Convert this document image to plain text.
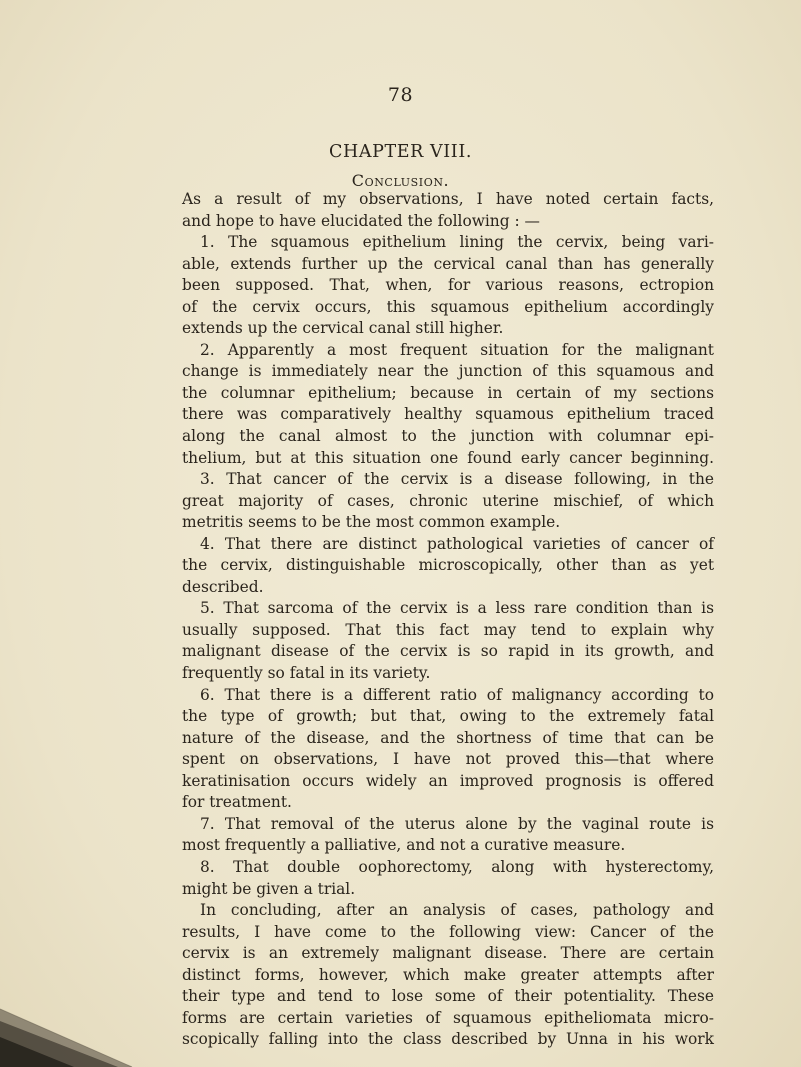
78
CHAPTER VIII.
Conclusion.
As a result of my observations, I have noted certain facts,
and hope to have elucidated the following : —
1. The squamous epithelium lining the cervix, being vari-
able, extends further up the cervical canal than has generally
been supposed. That, when, for various reasons, ectropion
of the cervix occurs, this squamous epithelium accordingly
extends up the cervical canal still higher.
2. Apparently a most frequent situation for the malignant
change is immediately near the junction of this squamous and
the columnar epithelium; because in certain of my sections
there was comparatively healthy squamous epithelium traced
along the canal almost to the junction with columnar epi-
thelium, but at this situation one found early cancer beginning.
3. That cancer of the cervix is a disease following, in the
great majority of cases, chronic uterine mischief, of which
metritis seems to be the most common example.
4. That there are distinct pathological varieties of cancer of
the cervix, distinguishable microscopically, other than as yet
described.
5. That sarcoma of the cervix is a less rare condition than is
usually supposed. That this fact may tend to explain why
malignant disease of the cervix is so rapid in its growth, and
frequently so fatal in its variety.
6. That there is a different ratio of malignancy according to
the type of growth; but that, owing to the extremely fatal
nature of the disease, and the shortness of time that can be
spent on observations, I have not proved this—that where
keratinisation occurs widely an improved prognosis is offered
for treatment.
7. That removal of the uterus alone by the vaginal route is
most frequently a palliative, and not a curative measure.
8. That double oophorectomy, along with hysterectomy,
might be given a trial.
In concluding, after an analysis of cases, pathology and
results, I have come to the following view: Cancer of the
cervix is an extremely malignant disease. There are certain
distinct forms, however, which make greater attempts after
their type and tend to lose some of their potentiality. These
forms are certain varieties of squamous epitheliomata micro-
scopically falling into the class described by Unna in his work
